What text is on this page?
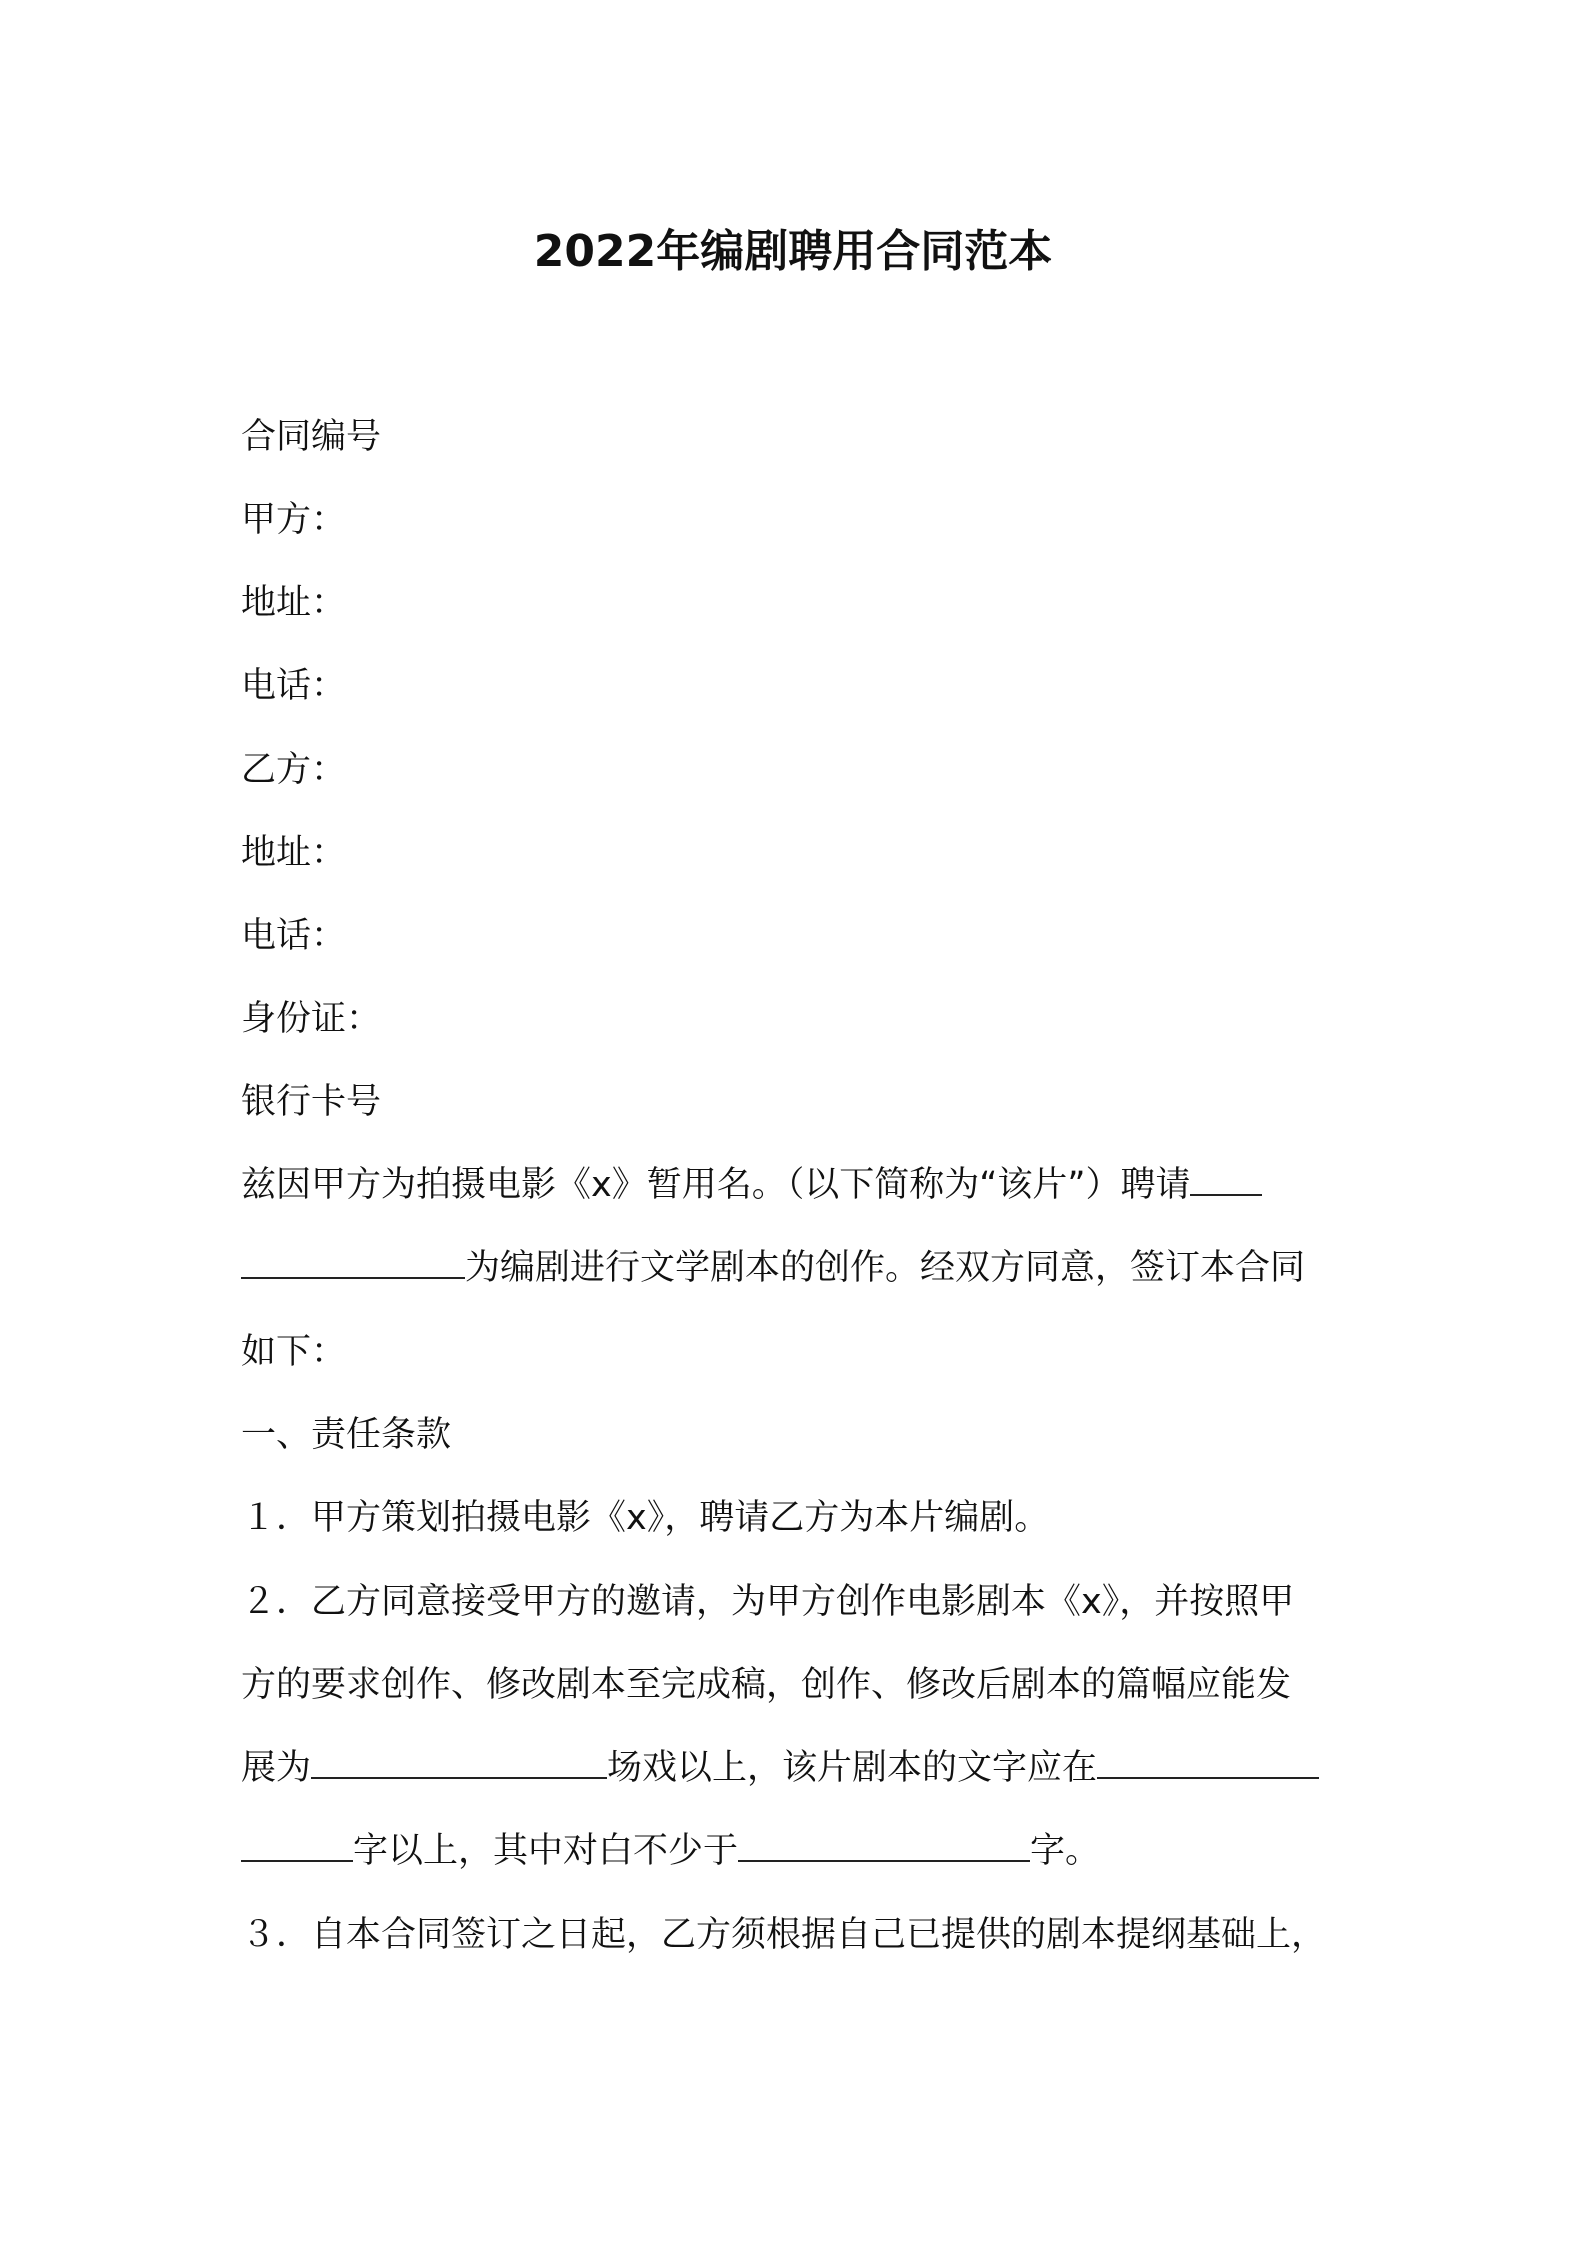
2022年编剧聘用合同范本
合同编号
甲方：
地址：
电话：
乙方：
地址：
电话：
身份证：
银行卡号
兹因甲方为拍摄电影《x》暂用名。（以下简称为“该片”）聘请
为编剧进行文学剧本的创作。经双方同意，签订本合同
如下：
一、责任条款
１．甲方策划拍摄电影《x》，聘请乙方为本片编剧。
２．乙方同意接受甲方的邀请，为甲方创作电影剧本《x》，并按照甲
方的要求创作、修改剧本至完成稿，创作、修改后剧本的篇幅应能发
展为	场戏以上，该片剧本的文字应在
字以上，其中对白不少于	字。
３．自本合同签订之日起，乙方须根据自己已提供的剧本提纲基础上，
